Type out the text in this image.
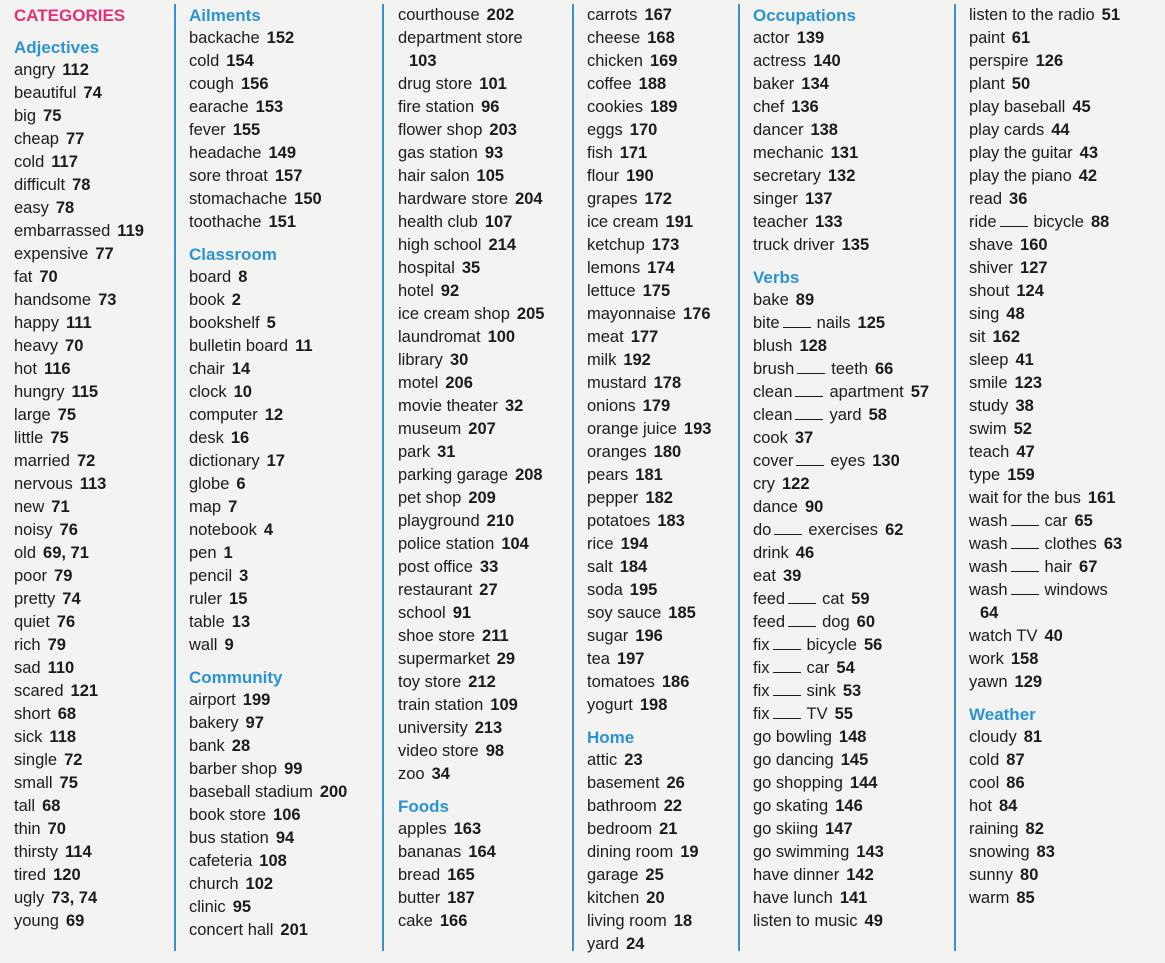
CATEGORIES
Adjectives
angry 112
beautiful 74
big 75
cheap 77
cold 117
difficult 78
easy 78
embarrassed 119
expensive 77
fat 70
handsome 73
happy 111
heavy 70
hot 116
hungry 115
large 75
little 75
married 72
nervous 113
new 71
noisy 76
old 69, 71
poor 79
pretty 74
quiet 76
rich 79
sad 110
scared 121
short 68
sick 118
single 72
small 75
tall 68
thin 70
thirsty 114
tired 120
ugly 73, 74
young 69
Ailments
backache 152
cold 154
cough 156
earache 153
fever 155
headache 149
sore throat 157
stomachache 150
toothache 151
Classroom
board 8
book 2
bookshelf 5
bulletin board 11
chair 14
clock 10
computer 12
desk 16
dictionary 17
globe 6
map 7
notebook 4
pen 1
pencil 3
ruler 15
table 13
wall 9
Community
airport 199
bakery 97
bank 28
barber shop 99
baseball stadium 200
book store 106
bus station 94
cafeteria 108
church 102
clinic 95
concert hall 201
courthouse 202
department store
103
drug store 101
fire station 96
flower shop 203
gas station 93
hair salon 105
hardware store 204
health club 107
high school 214
hospital 35
hotel 92
ice cream shop 205
laundromat 100
library 30
motel 206
movie theater 32
museum 207
park 31
parking garage 208
pet shop 209
playground 210
police station 104
post office 33
restaurant 27
school 91
shoe store 211
supermarket 29
toy store 212
train station 109
university 213
video store 98
zoo 34
Foods
apples 163
bananas 164
bread 165
butter 187
cake 166
carrots 167
cheese 168
chicken 169
coffee 188
cookies 189
eggs 170
fish 171
flour 190
grapes 172
ice cream 191
ketchup 173
lemons 174
lettuce 175
mayonnaise 176
meat 177
milk 192
mustard 178
onions 179
orange juice 193
oranges 180
pears 181
pepper 182
potatoes 183
rice 194
salt 184
soda 195
soy sauce 185
sugar 196
tea 197
tomatoes 186
yogurt 198
Home
attic 23
basement 26
bathroom 22
bedroom 21
dining room 19
garage 25
kitchen 20
living room 18
yard 24
Occupations
actor 139
actress 140
baker 134
chef 136
dancer 138
mechanic 131
secretary 132
singer 137
teacher 133
truck driver 135
Verbs
bake 89
bite nails 125
blush 128
brush teeth 66
clean apartment 57
clean yard 58
cook 37
cover eyes 130
cry 122
dance 90
do exercises 62
drink 46
eat 39
feed cat 59
feed dog 60
fix bicycle 56
fix car 54
fix sink 53
fix TV 55
go bowling 148
go dancing 145
go shopping 144
go skating 146
go skiing 147
go swimming 143
have dinner 142
have lunch 141
listen to music 49
listen to the radio 51
paint 61
perspire 126
plant 50
play baseball 45
play cards 44
play the guitar 43
play the piano 42
read 36
ride bicycle 88
shave 160
shiver 127
shout 124
sing 48
sit 162
sleep 41
smile 123
study 38
swim 52
teach 47
type 159
wait for the bus 161
wash car 65
wash clothes 63
wash hair 67
wash windows
64
watch TV 40
work 158
yawn 129
Weather
cloudy 81
cold 87
cool 86
hot 84
raining 82
snowing 83
sunny 80
warm 85
